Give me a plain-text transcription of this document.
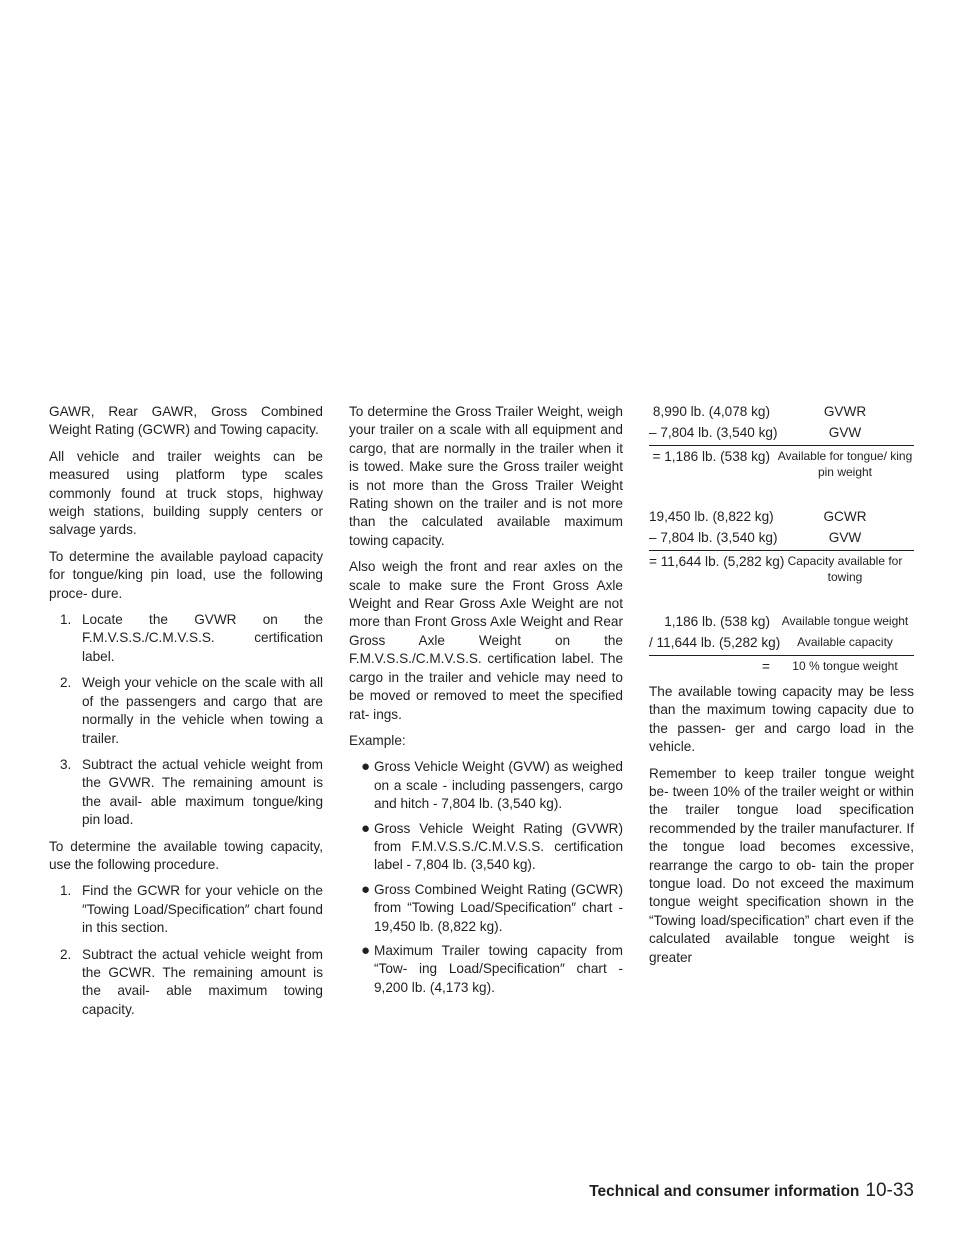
GAWR, Rear GAWR, Gross Combined Weight Rating (GCWR) and Towing capacity.

All vehicle and trailer weights can be measured using platform type scales commonly found at truck stops, highway weigh stations, building supply centers or salvage yards.

To determine the available payload capacity for tongue/king pin load, use the following proce- dure.

1. Locate the GVWR on the F.M.V.S.S./C.M.V.S.S. certification label.
2. Weigh your vehicle on the scale with all of the passengers and cargo that are normally in the vehicle when towing a trailer.
3. Subtract the actual vehicle weight from the GVWR. The remaining amount is the avail- able maximum tongue/king pin load.

To determine the available towing capacity, use the following procedure.

1. Find the GCWR for your vehicle on the ″Towing Load/Specification″ chart found in this section.
2. Subtract the actual vehicle weight from the GCWR. The remaining amount is the avail- able maximum towing capacity.

To determine the Gross Trailer Weight, weigh your trailer on a scale with all equipment and cargo, that are normally in the trailer when it is towed. Make sure the Gross trailer weight is not more than the Gross Trailer Weight Rating shown on the trailer and is not more than the calculated available maximum towing capacity.

Also weigh the front and rear axles on the scale to make sure the Front Gross Axle Weight and Rear Gross Axle Weight are not more than Front Gross Axle Weight and Rear Gross Axle Weight on the F.M.V.S.S./C.M.V.S.S. certification label. The cargo in the trailer and vehicle may need to be moved or removed to meet the specified rat- ings.

Example:

● Gross Vehicle Weight (GVW) as weighed on a scale - including passengers, cargo and hitch - 7,804 lb. (3,540 kg).
● Gross Vehicle Weight Rating (GVWR) from F.M.V.S.S./C.M.V.S.S. certification label - 7,804 lb. (3,540 kg).
● Gross Combined Weight Rating (GCWR) from “Towing Load/Specification″ chart - 19,450 lb. (8,822 kg).
● Maximum Trailer towing capacity from “Tow- ing Load/Specification″ chart - 9,200 lb. (4,173 kg).
8,990 lb. (4,078 kg)	GVWR
– 7,804 lb. (3,540 kg)	GVW
= 1,186 lb. (538 kg) Available for tongue/ king pin weight
19,450 lb. (8,822 kg)	GCWR
– 7,804 lb. (3,540 kg)	GVW
= 11,644 lb. (5,282 kg) Capacity available for towing
1,186 lb. (538 kg) Available tongue weight
/ 11,644 lb. (5,282 kg)	Available capacity
=	10 % tongue weight

The available towing capacity may be less than the maximum towing capacity due to the passen- ger and cargo load in the vehicle.

Remember to keep trailer tongue weight be- tween 10% of the trailer weight or within the trailer tongue load specification recommended by the trailer manufacturer. If the tongue load becomes excessive, rearrange the cargo to ob- tain the proper tongue load. Do not exceed the maximum tongue weight specification shown in the “Towing load/specification” chart even if the calculated available tongue weight is greater

Technical and consumer information 10-33
